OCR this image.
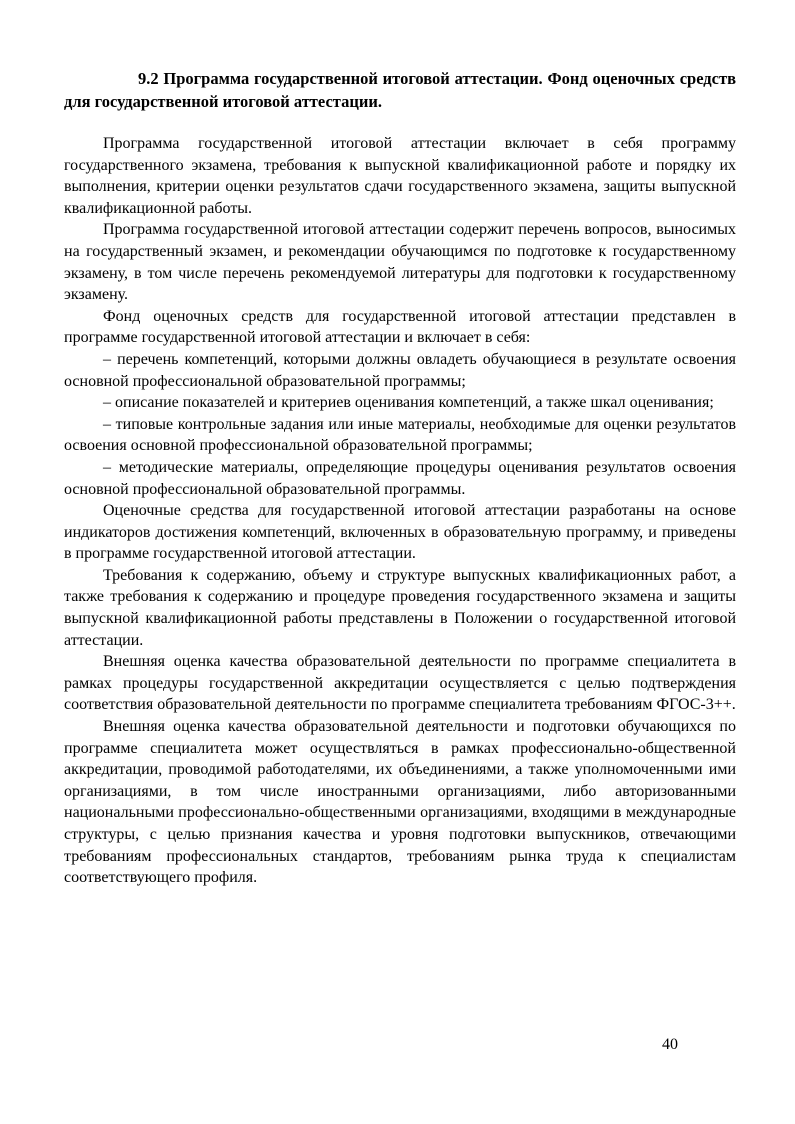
9.2 Программа государственной итоговой аттестации. Фонд оценочных средств для государственной итоговой аттестации.

Программа государственной итоговой аттестации включает в себя программу государственного экзамена, требования к выпускной квалификационной работе и порядку их выполнения, критерии оценки результатов сдачи государственного экзамена, защиты выпускной квалификационной работы.

Программа государственной итоговой аттестации содержит перечень вопросов, выносимых на государственный экзамен, и рекомендации обучающимся по подготовке к государственному экзамену, в том числе перечень рекомендуемой литературы для подготовки к государственному экзамену.

Фонд оценочных средств для государственной итоговой аттестации представлен в программе государственной итоговой аттестации и включает в себя:

– перечень компетенций, которыми должны овладеть обучающиеся в результате освоения основной профессиональной образовательной программы;

– описание показателей и критериев оценивания компетенций, а также шкал оценивания;

– типовые контрольные задания или иные материалы, необходимые для оценки результатов освоения основной профессиональной образовательной программы;

– методические материалы, определяющие процедуры оценивания результатов освоения основной профессиональной образовательной программы.

Оценочные средства для государственной итоговой аттестации разработаны на основе индикаторов достижения компетенций, включенных в образовательную программу, и приведены в программе государственной итоговой аттестации.

Требования к содержанию, объему и структуре выпускных квалификационных работ, а также требования к содержанию и процедуре проведения государственного экзамена и защиты выпускной квалификационной работы представлены в Положении о государственной итоговой аттестации.

Внешняя оценка качества образовательной деятельности по программе специалитета в рамках процедуры государственной аккредитации осуществляется с целью подтверждения соответствия образовательной деятельности по программе специалитета требованиям ФГОС-3++.

Внешняя оценка качества образовательной деятельности и подготовки обучающихся по программе специалитета может осуществляться в рамках профессионально-общественной аккредитации, проводимой работодателями, их объединениями, а также уполномоченными ими организациями, в том числе иностранными организациями, либо авторизованными национальными профессионально-общественными организациями, входящими в международные структуры, с целью признания качества и уровня подготовки выпускников, отвечающими требованиям профессиональных стандартов, требованиям рынка труда к специалистам соответствующего профиля.

40
